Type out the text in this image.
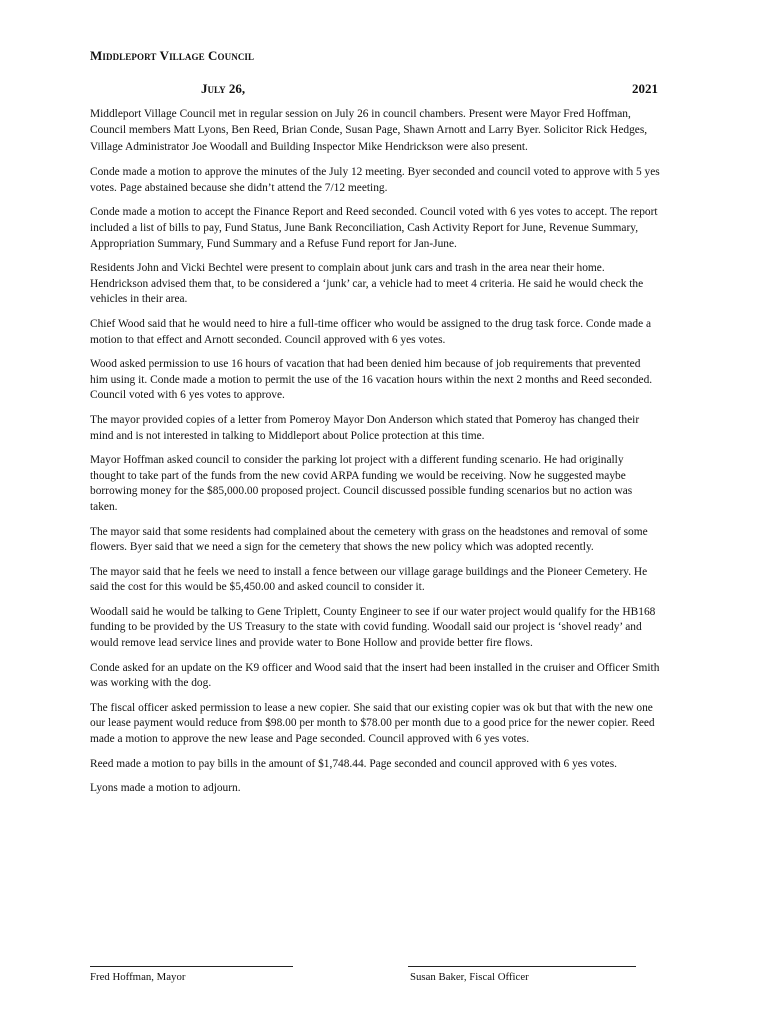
Middleport Village Council
July 26,	2021

Middleport Village Council met in regular session on July 26 in council chambers. Present were Mayor Fred Hoffman, Council members Matt Lyons, Ben Reed, Brian Conde, Susan Page, Shawn Arnott and Larry Byer. Solicitor Rick Hedges, Village Administrator Joe Woodall and Building Inspector Mike Hendrickson were also present.

Conde made a motion to approve the minutes of the July 12 meeting. Byer seconded and council voted to approve with 5 yes votes. Page abstained because she didn’t attend the 7/12 meeting.

Conde made a motion to accept the Finance Report and Reed seconded. Council voted with 6 yes votes to accept. The report included a list of bills to pay, Fund Status, June Bank Reconciliation, Cash Activity Report for June, Revenue Summary, Appropriation Summary, Fund Summary and a Refuse Fund report for Jan-June.

Residents John and Vicki Bechtel were present to complain about junk cars and trash in the area near their home. Hendrickson advised them that, to be considered a ‘junk’ car, a vehicle had to meet 4 criteria. He said he would check the vehicles in their area.

Chief Wood said that he would need to hire a full-time officer who would be assigned to the drug task force. Conde made a motion to that effect and Arnott seconded. Council approved with 6 yes votes.

Wood asked permission to use 16 hours of vacation that had been denied him because of job requirements that prevented him using it. Conde made a motion to permit the use of the 16 vacation hours within the next 2 months and Reed seconded. Council voted with 6 yes votes to approve.

The mayor provided copies of a letter from Pomeroy Mayor Don Anderson which stated that Pomeroy has changed their mind and is not interested in talking to Middleport about Police protection at this time.

Mayor Hoffman asked council to consider the parking lot project with a different funding scenario. He had originally thought to take part of the funds from the new covid ARPA funding we would be receiving. Now he suggested maybe borrowing money for the $85,000.00 proposed project. Council discussed possible funding scenarios but no action was taken.

The mayor said that some residents had complained about the cemetery with grass on the headstones and removal of some flowers. Byer said that we need a sign for the cemetery that shows the new policy which was adopted recently.

The mayor said that he feels we need to install a fence between our village garage buildings and the Pioneer Cemetery. He said the cost for this would be $5,450.00 and asked council to consider it.

Woodall said he would be talking to Gene Triplett, County Engineer to see if our water project would qualify for the HB168 funding to be provided by the US Treasury to the state with covid funding. Woodall said our project is ‘shovel ready’ and would remove lead service lines and provide water to Bone Hollow and provide better fire flows.

Conde asked for an update on the K9 officer and Wood said that the insert had been installed in the cruiser and Officer Smith was working with the dog.

The fiscal officer asked permission to lease a new copier. She said that our existing copier was ok but that with the new one our lease payment would reduce from $98.00 per month to $78.00 per month due to a good price for the newer copier. Reed made a motion to approve the new lease and Page seconded. Council approved with 6 yes votes.

Reed made a motion to pay bills in the amount of $1,748.44. Page seconded and council approved with 6 yes votes.

Lyons made a motion to adjourn.

Fred Hoffman, Mayor	Susan Baker, Fiscal Officer
